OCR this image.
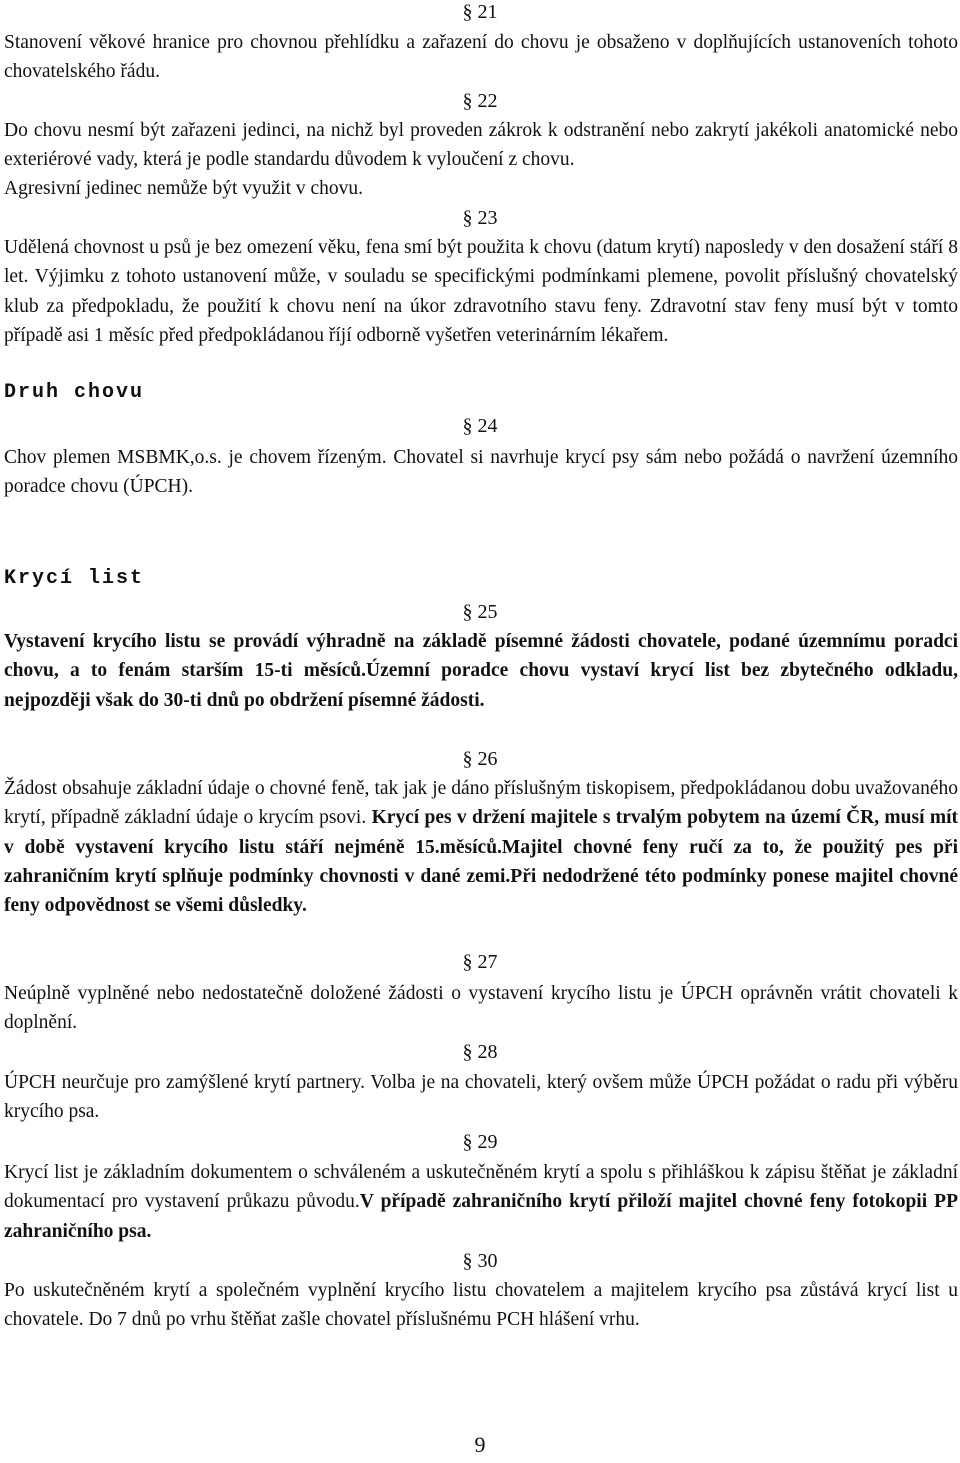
§ 21
Stanovení věkové hranice pro chovnou přehlídku a zařazení do chovu je obsaženo v doplňujících ustanoveních tohoto chovatelského řádu.
§ 22
Do chovu nesmí být zařazeni jedinci, na nichž byl proveden zákrok k odstranění nebo zakrytí jakékoli anatomické nebo exteriérové vady, která je podle standardu důvodem k vyloučení z chovu.
Agresivní jedinec nemůže být využit v chovu.
§ 23
Udělená chovnost u psů je bez omezení věku, fena smí být použita k chovu (datum krytí) naposledy v den dosažení stáří 8 let. Výjimku z tohoto ustanovení může, v souladu se specifickými podmínkami plemene, povolit příslušný chovatelský klub za předpokladu, že použití k chovu není na úkor zdravotního stavu feny. Zdravotní stav feny musí být v tomto případě asi 1 měsíc před předpokládanou říjí odborně vyšetřen veterinárním lékařem.
Druh chovu
§ 24
Chov plemen MSBMK,o.s. je chovem řízeným. Chovatel si navrhuje krycí psy sám nebo požádá o navržení územního poradce chovu (ÚPCH).
Krycí list
§ 25
Vystavení krycího listu se provádí výhradně na základě písemné žádosti chovatele, podané územnímu poradci chovu, a to fenám starším 15-ti měsíců.Územní poradce chovu vystaví krycí list bez zbytečného odkladu, nejpozději však do 30-ti dnů po obdržení písemné žádosti.
§ 26
Žádost obsahuje základní údaje o chovné feně, tak jak je dáno příslušným tiskopisem, předpokládanou dobu uvažovaného krytí, případně základní údaje o krycím psovi. Krycí pes v držení majitele s trvalým pobytem na území ČR, musí mít v době vystavení krycího listu stáří nejméně 15.měsíců.Majitel chovné feny ručí za to, že použitý pes při zahraničním krytí splňuje podmínky chovnosti v dané zemi.Při nedodržené této podmínky ponese majitel chovné feny odpovědnost se všemi důsledky.
§ 27
Neúplně vyplněné nebo nedostatečně doložené žádosti o vystavení krycího listu je ÚPCH oprávněn vrátit chovateli k doplnění.
§ 28
ÚPCH neurčuje pro zamýšlené krytí partnery. Volba je na chovateli, který ovšem může ÚPCH požádat o radu při výběru krycího psa.
§ 29
Krycí list je základním dokumentem o schváleném a uskutečněném krytí a spolu s přihláškou k zápisu štěňat je základní dokumentací pro vystavení průkazu původu.V případě zahraničního krytí přiloží majitel chovné feny fotokopii PP zahraničního psa.
§ 30
Po uskutečněném krytí a společném vyplnění krycího listu chovatelem a majitelem krycího psa zůstává krycí list u chovatele. Do 7 dnů po vrhu štěňat zašle chovatel příslušnému PCH hlášení vrhu.
9
